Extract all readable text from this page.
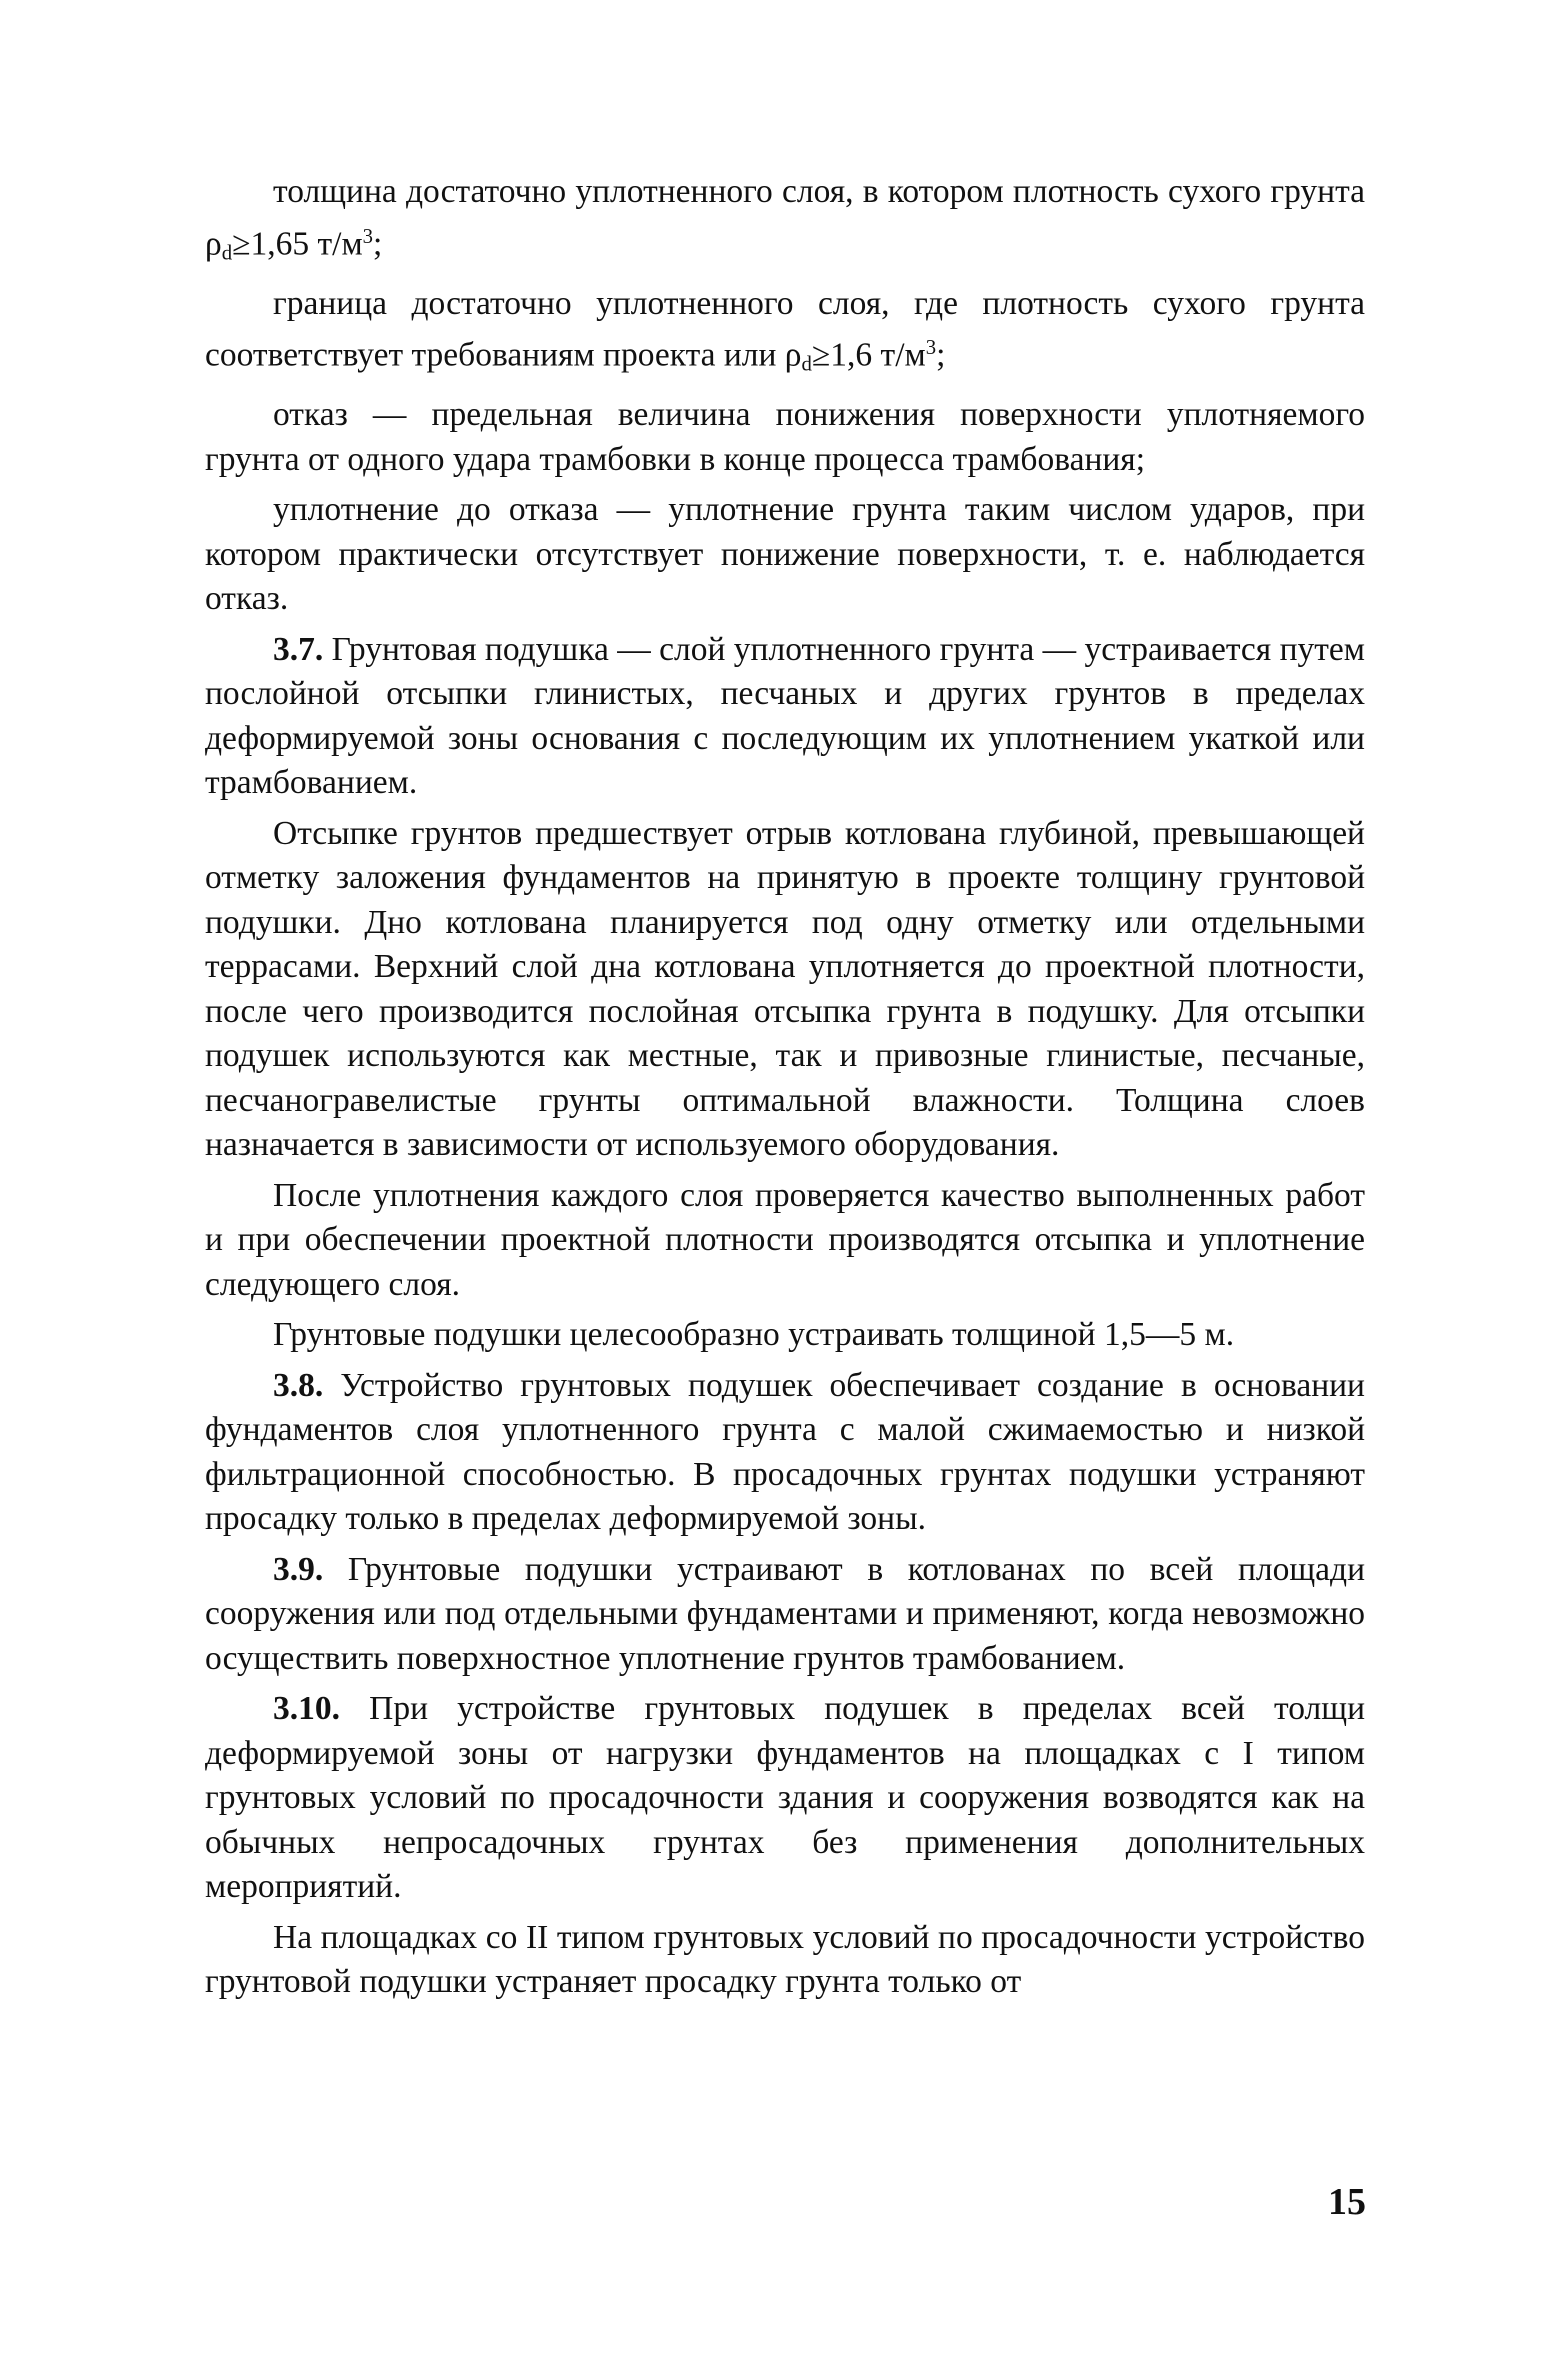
толщина достаточно уплотненного слоя, в котором плотность сухого грунта $\rho_d\ge 1,65$ $т/м^3$;

граница достаточно уплотненного слоя, где плотность сухого грунта соответствует требованиям проекта или $\rho_d\ge 1,6$ $т/м^3$;

отказ — предельная величина понижения поверхности уплотняемого грунта от одного удара трамбовки в конце процесса трамбования;

уплотнение до отказа — уплотнение грунта таким числом ударов, при котором практически отсутствует понижение поверхности, т. е. наблюдается отказ.

3.7. Грунтовая подушка — слой уплотненного грунта — устраивается путем послойной отсыпки глинистых, песчаных и других грунтов в пределах деформируемой зоны основания с последующим их уплотнением укаткой или трамбованием.

Отсыпке грунтов предшествует отрыв котлована глубиной, превышающей отметку заложения фундаментов на принятую в проекте толщину грунтовой подушки. Дно котлована планируется под одну отметку или отдельными террасами. Верхний слой дна котлована уплотняется до проектной плотности, после чего производится послойная отсыпка грунта в подушку. Для отсыпки подушек используются как местные, так и привозные глинистые, песчаные, песчаногравелистые грунты оптимальной влажности. Толщина слоев назначается в зависимости от используемого оборудования.

После уплотнения каждого слоя проверяется качество выполненных работ и при обеспечении проектной плотности производятся отсыпка и уплотнение следующего слоя.

Грунтовые подушки целесообразно устраивать толщиной 1,5—5 м.

3.8. Устройство грунтовых подушек обеспечивает создание в основании фундаментов слоя уплотненного грунта с малой сжимаемостью и низкой фильтрационной способностью. В просадочных грунтах подушки устраняют просадку только в пределах деформируемой зоны.

3.9. Грунтовые подушки устраивают в котлованах по всей площади сооружения или под отдельными фундаментами и применяют, когда невозможно осуществить поверхностное уплотнение грунтов трамбованием.

3.10. При устройстве грунтовых подушек в пределах всей толщи деформируемой зоны от нагрузки фундаментов на площадках с I типом грунтовых условий по просадочности здания и сооружения возводятся как на обычных непросадочных грунтах без применения дополнительных мероприятий.

На площадках со II типом грунтовых условий по просадочности устройство грунтовой подушки устраняет просадку грунта только от

15
